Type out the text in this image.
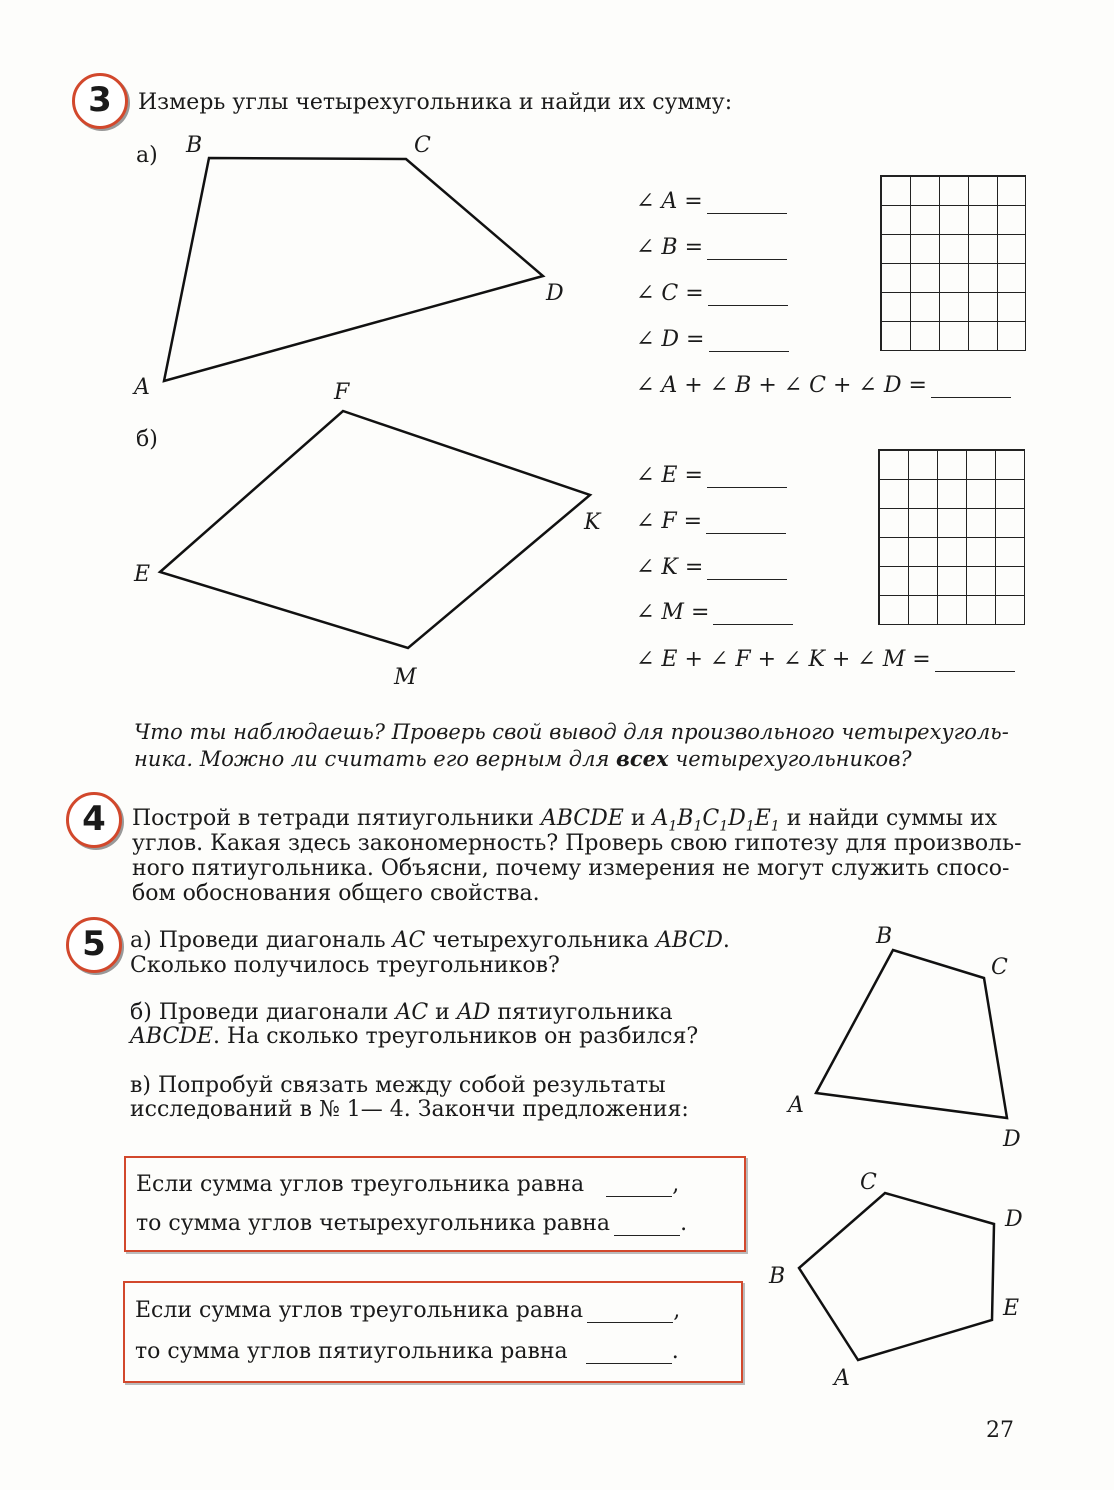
3	Измерь углы четырехугольника и найди их сумму:
а)
A
B	C
D
∠ A =
∠ B =
∠ C =
∠ D =
∠ A + ∠ B + ∠ C + ∠ D =
б)
E
F
K
M
∠ E =
∠ F =
∠ K =
∠ M =
∠ E + ∠ F + ∠ K + ∠ M =
Что ты наблюдаешь? Проверь свой вывод для произвольного четырехуголь-
ника. Можно ли считать его верным для всех четырехугольников?
4	Построй в тетради пятиугольники ABCDE и $A_1B_1C_1D_1E_1$ и найди суммы их
углов. Какая здесь закономерность? Проверь свою гипотезу для произволь-
ного пятиугольника. Объясни, почему измерения не могут служить спосо-
бом обоснования общего свойства.
5	а) Проведи диагональ AC четырехугольника ABCD.
Сколько получилось треугольников?
б) Проведи диагонали AC и AD пятиугольника
ABCDE. На сколько треугольников он разбился?
в) Попробуй связать между собой результаты
исследований в № 1— 4. Закончи предложения:
Если сумма углов треугольника равна	,
то сумма углов четырехугольника равна	.
Если сумма углов треугольника равна	,
то сумма углов пятиугольника равна	.
A
B
C
D
A
B
C
D
E
27
